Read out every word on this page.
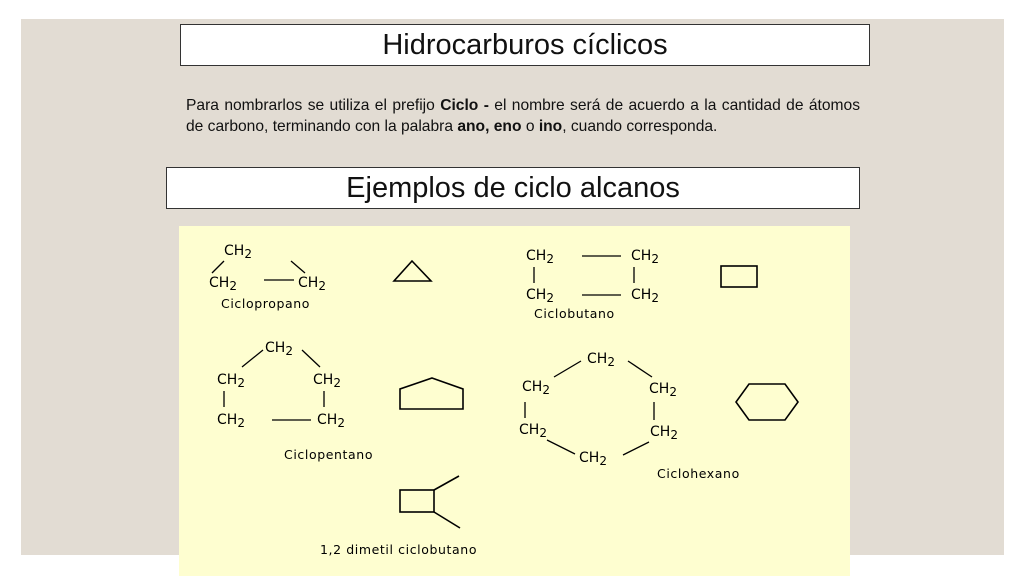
Hidrocarburos cíclicos
Para nombrarlos se utiliza el prefijo Ciclo - el nombre será de acuerdo a la cantidad de átomos de carbono, terminando con la palabra ano, eno o ino, cuando corresponda.
Ejemplos de ciclo alcanos
CH2
CH2	CH2
Ciclopropano
CH2	CH2
CH2	CH2
Ciclobutano
CH2
CH2	CH2
CH2	CH2
Ciclopentano
CH2
CH2	CH2
CH2	CH2
CH2
Ciclohexano
1,2 dimetil ciclobutano
